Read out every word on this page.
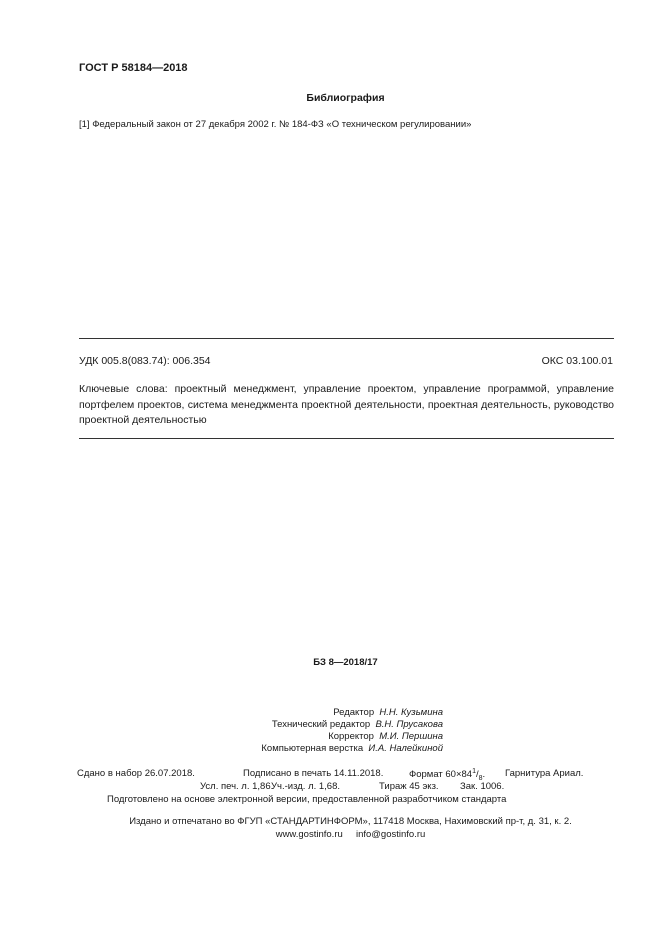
ГОСТ Р 58184—2018
Библиография
[1] Федеральный закон от 27 декабря 2002 г. № 184-ФЗ «О техническом регулировании»
УДК 005.8(083.74): 006.354	ОКС 03.100.01
Ключевые слова: проектный менеджмент, управление проектом, управление программой, управление портфелем проектов, система менеджмента проектной деятельности, проектная деятельность, руководство проектной деятельностью
БЗ 8—2018/17
Редактор Н.Н. Кузьмина
Технический редактор В.Н. Прусакова
Корректор М.И. Першина
Компьютерная верстка И.А. Налейкиной
Сдано в набор 26.07.2018.	Подписано в печать 14.11.2018.	Формат $60\times 84^1/_8$. Гарнитура Ариал.
Усл. печ. л. 1,86.
Уч.-изд. л. 1,68.	Тираж 45 экз. Зак. 1006.
Подготовлено на основе электронной версии, предоставленной разработчиком стандарта
Издано и отпечатано во ФГУП «СТАНДАРТИНФОРМ», 117418 Москва, Нахимовский пр-т, д. 31, к. 2.
www.gostinfo.ru info@gostinfo.ru
